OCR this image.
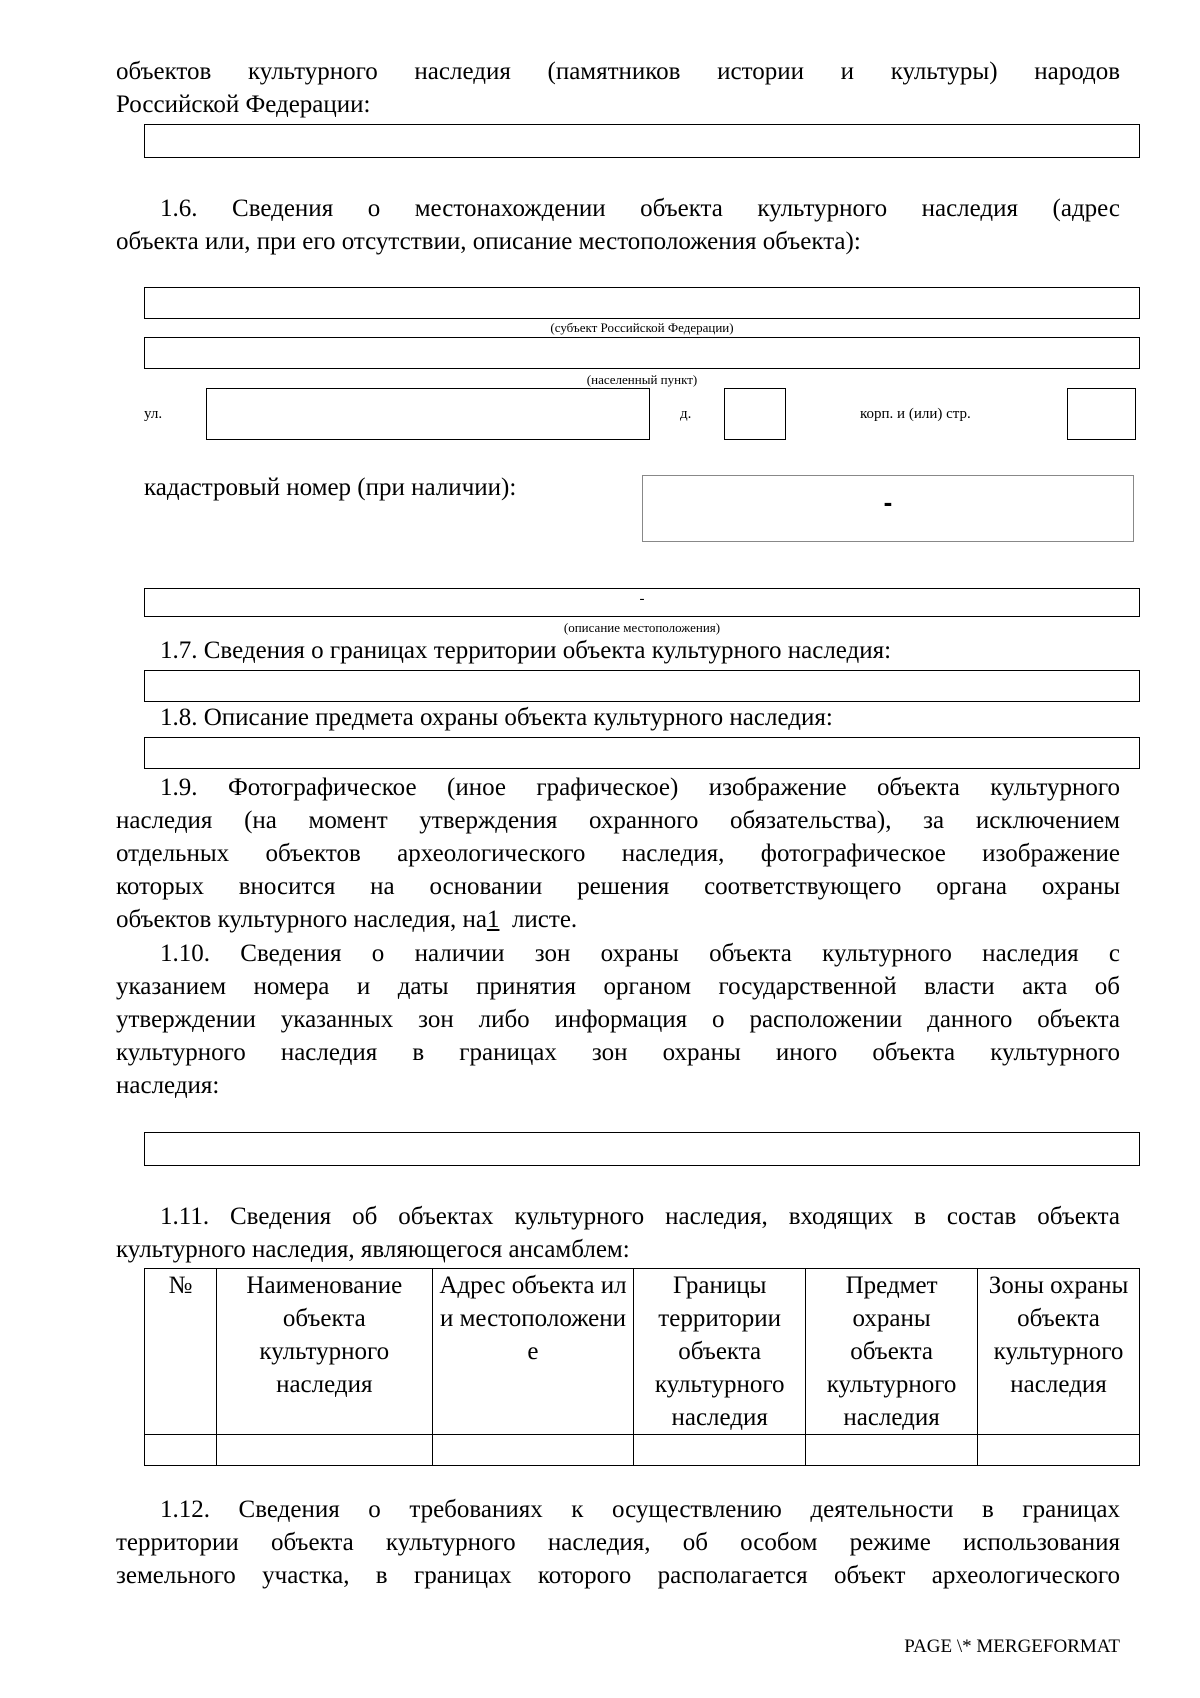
объектов культурного наследия (памятников истории и культуры) народов
Российской Федерации:
1.6. Сведения о местонахождении объекта культурного наследия (адрес
объекта или, при его отсутствии, описание местоположения объекта):
(субъект Российской Федерации)
(населенный пункт)
ул.	д.	корп. и (или) стр.
кадастровый номер (при наличии):	-
-
(описание местоположения)
1.7. Сведения о границах территории объекта культурного наследия:
1.8. Описание предмета охраны объекта культурного наследия:
1.9. Фотографическое (иное графическое) изображение объекта культурного
наследия (на момент утверждения охранного обязательства), за исключением
отдельных объектов археологического наследия, фотографическое изображение
которых вносится на основании решения соответствующего органа охраны
объектов культурного наследия, на1 листе.
1.10. Сведения о наличии зон охраны объекта культурного наследия с
указанием номера и даты принятия органом государственной власти акта об
утверждении указанных зон либо информация о расположении данного объекта
культурного наследия в границах зон охраны иного объекта культурного
наследия:
1.11. Сведения об объектах культурного наследия, входящих в состав объекта
культурного наследия, являющегося ансамблем:
№	Наименование объекта культурного наследия	Адрес объекта или местоположение	Границы территории объекта культурного наследия	Предмет охраны объекта культурного наследия	Зоны охраны объекта культурного наследия

1.12. Сведения о требованиях к осуществлению деятельности в границах
территории объекта культурного наследия, об особом режиме использования
земельного участка, в границах которого располагается объект археологического
PAGE \* MERGEFORMAT
